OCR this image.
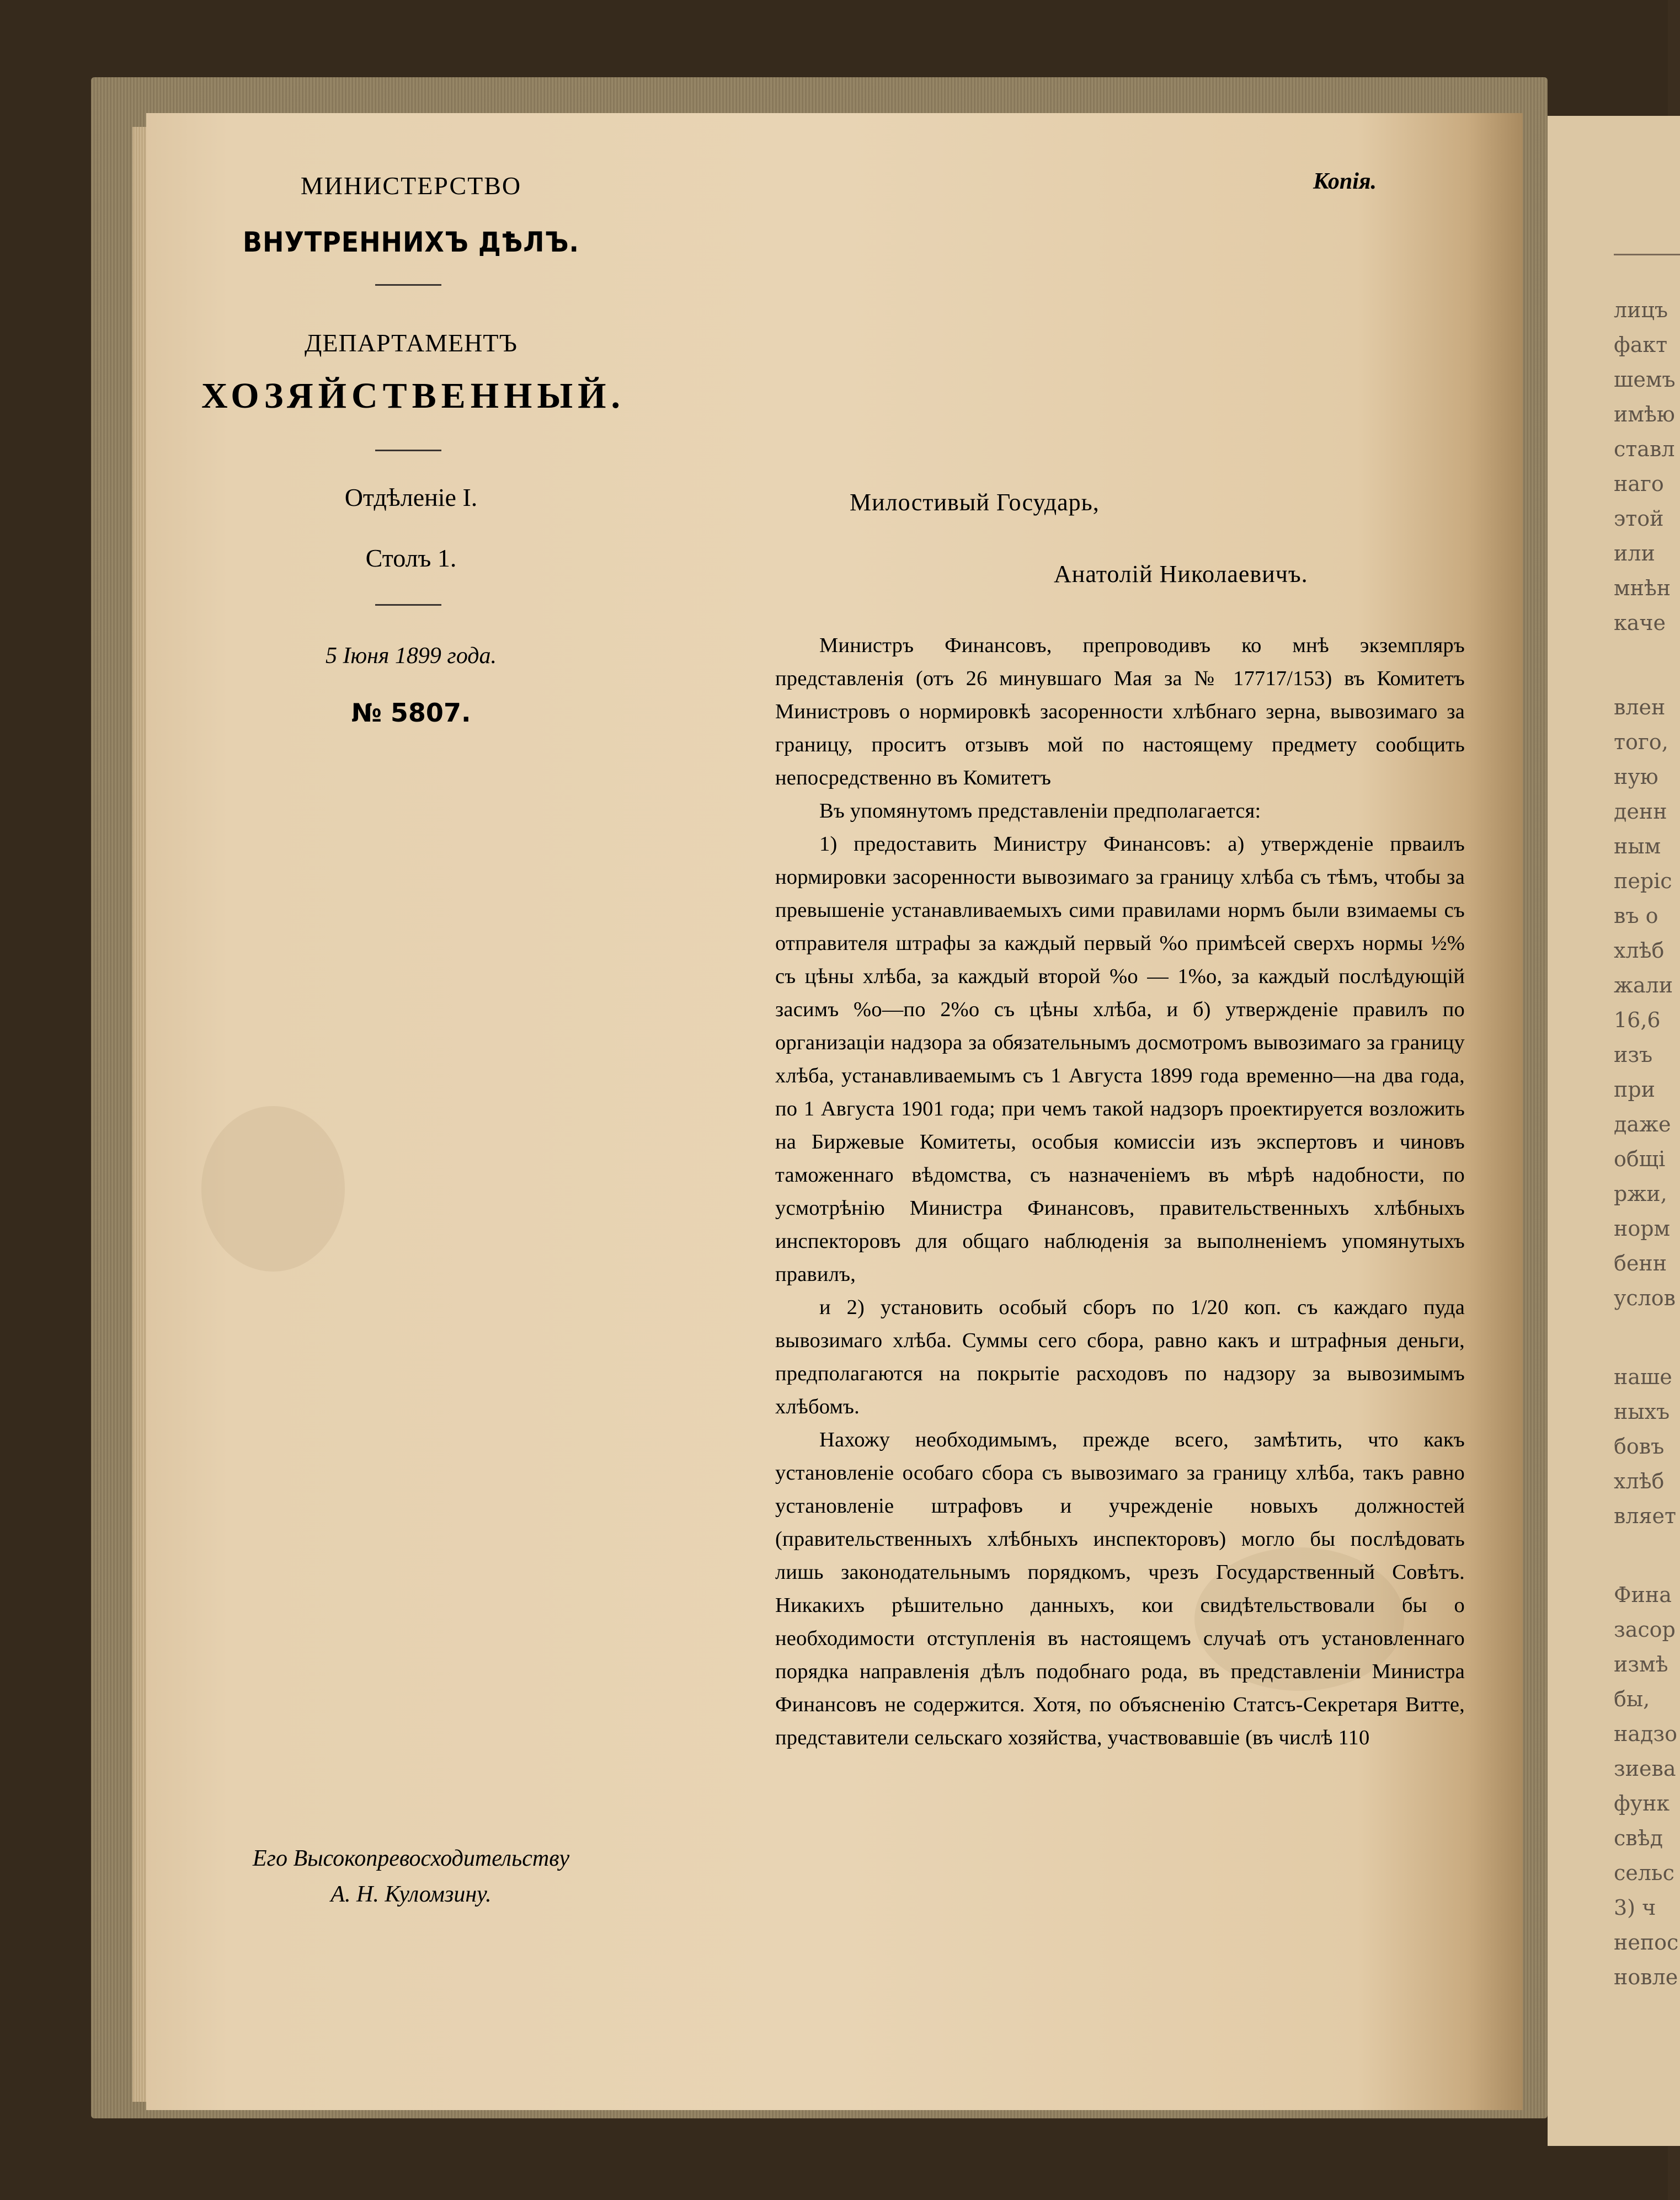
лицъ
факт
шемъ
имѣю
ставл
наго
этой
или
мнѣн
каче
влен
того,
ную
денн
ным
періс
въ о
хлѣб
жали
16,6
изъ
при
даже
общі
ржи,
норм
бенн
услов
наше
ныхъ
бовъ
хлѣб
вляет
Фина
засор
измѣ
бы,
надзо
зиева
функ
свѣд
сельс
3) ч
непос
новле
МИНИСТЕРСТВО
ВНУТРЕННИХЪ ДѢЛЪ.
ДЕПАРТАМЕНТЪ
ХОЗЯЙСТВЕННЫЙ.
Отдѣленіе I.
Столъ 1.
5 Іюня 1899 года.
№ 5807.
Его Высокопревосходительству
А. Н. Куломзину.
Копія.
Милостивый Государь,
Анатолій Николаевичъ.

Министръ Финансовъ, препроводивъ ко мнѣ экземпляръ представленія (отъ 26 минувшаго Мая за № 17717/153) въ Комитетъ Министровъ о нормировкѣ засоренности хлѣбнаго зерна, вывозимаго за границу, проситъ отзывъ мой по настоящему предмету сообщить непосредственно въ Комитетъ

Въ упомянутомъ представленіи предполагается:

1) предоставить Министру Финансовъ: а) утвержденіе прваилъ нормировки засоренности вывозимаго за границу хлѣба съ тѣмъ, чтобы за превышеніе устанавливаемыхъ сими правилами нормъ были взимаемы съ отправителя штрафы за каждый первый %о примѣсей сверхъ нормы ½% съ цѣны хлѣба, за каждый второй %о — 1%о, за каждый послѣдующій засимъ %о—по 2%о съ цѣны хлѣба, и б) утвержденіе правилъ по организаціи надзора за обязательнымъ досмотромъ вывозимаго за границу хлѣба, устанавливаемымъ съ 1 Августа 1899 года временно—на два года, по 1 Августа 1901 года; при чемъ такой надзоръ проектируется возложить на Биржевые Комитеты, особыя комиссіи изъ экспертовъ и чиновъ таможеннаго вѣдомства, съ назначеніемъ въ мѣрѣ надобности, по усмотрѣнію Министра Финансовъ, правительственныхъ хлѣбныхъ инспекторовъ для общаго наблюденія за выполненіемъ упомянутыхъ правилъ,

и 2) установить особый сборъ по 1/20 коп. съ каждаго пуда вывозимаго хлѣба. Суммы сего сбора, равно какъ и штрафныя деньги, предполагаются на покрытіе расходовъ по надзору за вывозимымъ хлѣбомъ.

Нахожу необходимымъ, прежде всего, замѣтить, что какъ установленіе особаго сбора съ вывозимаго за границу хлѣба, такъ равно установленіе штрафовъ и учрежденіе новыхъ должностей (правительственныхъ хлѣбныхъ инспекторовъ) могло бы послѣдовать лишь законодательнымъ порядкомъ, чрезъ Государственный Совѣтъ. Никакихъ рѣшительно данныхъ, кои свидѣтельствовали бы о необходимости отступленія въ настоящемъ случаѣ отъ установленнаго порядка направленія дѣлъ подобнаго рода, въ представленіи Министра Финансовъ не содержится. Хотя, по объясненію Статсъ-Секретаря Витте, представители сельскаго хозяйства, участвовавшіе (въ числѣ 110
